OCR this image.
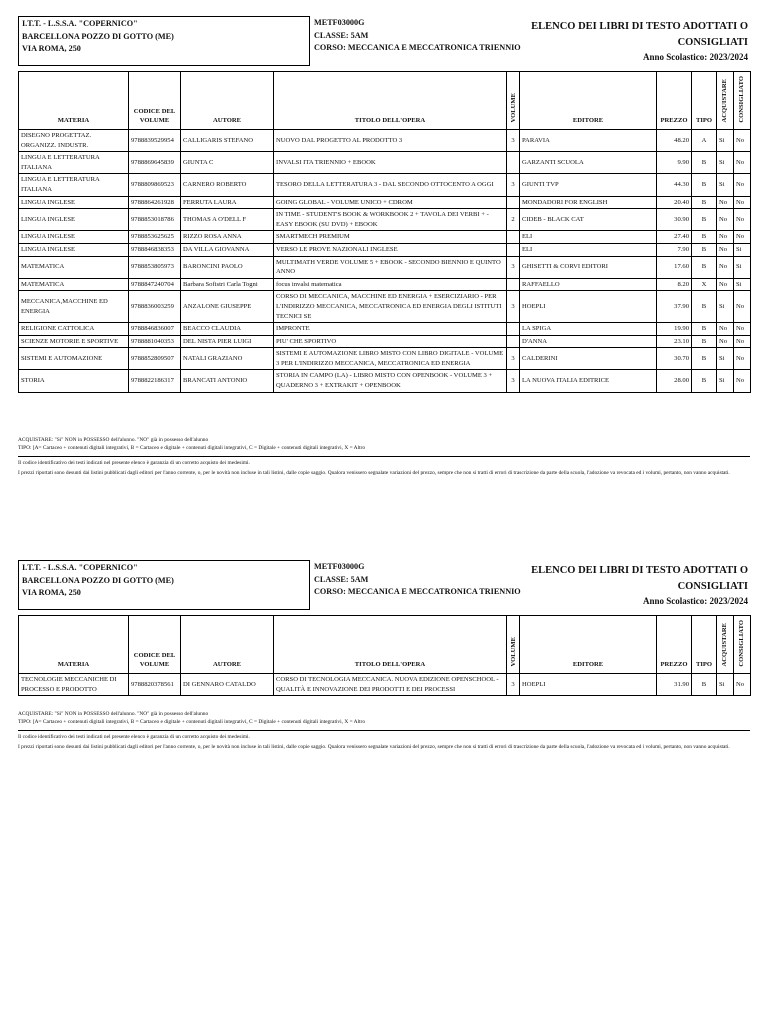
I.T.T. - L.S.S.A. "COPERNICO"
BARCELLONA POZZO DI GOTTO (ME)
VIA ROMA, 250
METF03000G
CLASSE: 5AM
CORSO: MECCANICA E MECCATRONICA TRIENNIO
ELENCO DEI LIBRI DI TESTO ADOTTATI O CONSIGLIATI
Anno Scolastico: 2023/2024
MATERIA	CODICE DEL VOLUME	AUTORE	TITOLO DELL'OPERA	VOLUME	EDITORE	PREZZO	TIPO	ACQUISTARE	CONSIGLIATO
DISEGNO PROGETTAZ. ORGANIZZ. INDUSTR.	9788839529954	CALLIGARIS STEFANO	NUOVO DAL PROGETTO AL PRODOTTO 3	3	PARAVIA	48.20	A	Si	No
LINGUA E LETTERATURA ITALIANA	9788869645839	GIUNTA C	INVALSI ITA TRIENNIO + EBOOK		GARZANTI SCUOLA	9.90	B	Si	No
LINGUA E LETTERATURA ITALIANA	9788809869523	CARNERO ROBERTO	TESORO DELLA LETTERATURA 3 - DAL SECONDO OTTOCENTO A OGGI	3	GIUNTI TVP	44.30	B	Si	No
LINGUA INGLESE	9788864261928	FERRUTA LAURA	GOING GLOBAL - VOLUME UNICO + CDROM		MONDADORI FOR ENGLISH	20.40	B	No	No
LINGUA INGLESE	9788853018786	THOMAS A O'DELL F	IN TIME - STUDENT'S BOOK & WORKBOOK 2 + TAVOLA DEI VERBI + - EASY EBOOK (SU DVD) + EBOOK	2	CIDEB - BLACK CAT	30.90	B	No	No
LINGUA INGLESE	9788853625625	RIZZO ROSA ANNA	SMARTMECH PREMIUM		ELI	27.40	B	No	No
LINGUA INGLESE	9788846838353	DA VILLA GIOVANNA	VERSO LE PROVE NAZIONALI INGLESE		ELI	7.90	B	No	Si
MATEMATICA	9788853805973	BARONCINI PAOLO	MULTIMATH VERDE VOLUME 5 + EBOOK - SECONDO BIENNIO E QUINTO ANNO	3	GHISETTI & CORVI EDITORI	17.60	B	No	Si
MATEMATICA	9788847240704	Barbara Sofistri Carla Togni	focus invalsi matematica		RAFFAELLO	8.20	X	No	Si
MECCANICA,MACCHINE ED ENERGIA	9788836003259	ANZALONE GIUSEPPE	CORSO DI MECCANICA, MACCHINE ED ENERGIA + ESERCIZIARIO - PER L'INDIRIZZO MECCANICA, MECCATRONICA ED ENERGIA DEGLI ISTITUTI TECNICI SE	3	HOEPLI	37.90	B	Si	No
RELIGIONE CATTOLICA	9788846836007	BEACCO CLAUDIA	IMPRONTE		LA SPIGA	19.90	B	No	No
SCIENZE MOTORIE E SPORTIVE	9788881040353	DEL NISTA PIER LUIGI	PIU' CHE SPORTIVO		D'ANNA	23.10	B	No	No
SISTEMI E AUTOMAZIONE	9788852809507	NATALI GRAZIANO	SISTEMI E AUTOMAZIONE LIBRO MISTO CON LIBRO DIGITALE - VOLUME 3 PER L'INDIRIZZO MECCANICA, MECCATRONICA ED ENERGIA	3	CALDERINI	30.70	B	Si	No
STORIA	9788822186317	BRANCATI ANTONIO	STORIA IN CAMPO (LA) - LIBRO MISTO CON OPENBOOK - VOLUME 3 + QUADERNO 3 + EXTRAKIT + OPENBOOK	3	LA NUOVA ITALIA EDITRICE	28.00	B	Si	No
ACQUISTARE: "Si" NON in POSSESSO dell'alunno. "NO" già in possesso dell'alunno
TIPO: [A= Cartaceo + contenuti digitali integrativi, B = Cartaceo e digitale + contenuti digitali integrativi, C = Digitale + contenuti digitali integrativi, X = Altro
Il codice identificativo dei testi indicati nel presente elenco è garanzia di un corretto acquisto dei medesimi.
I prezzi riportati sono desunti dai listini pubblicati dagli editori per l'anno corrente, o, per le novità non incluse in tali listini, dalle copie saggio. Qualora venissero segnalate variazioni del prezzo, sempre che non si tratti di errori di trascrizione da parte della scuola, l'adozione va revocata ed i volumi, pertanto, non vanno acquistati.
I.T.T. - L.S.S.A. "COPERNICO"
BARCELLONA POZZO DI GOTTO (ME)
VIA ROMA, 250
METF03000G
CLASSE: 5AM
CORSO: MECCANICA E MECCATRONICA TRIENNIO
ELENCO DEI LIBRI DI TESTO ADOTTATI O CONSIGLIATI
Anno Scolastico: 2023/2024
MATERIA	CODICE DEL VOLUME	AUTORE	TITOLO DELL'OPERA	VOLUME	EDITORE	PREZZO	TIPO	ACQUISTARE	CONSIGLIATO
TECNOLOGIE MECCANICHE DI PROCESSO E PRODOTTO	9788820378561	DI GENNARO CATALDO	CORSO DI TECNOLOGIA MECCANICA. NUOVA EDIZIONE OPENSCHOOL - QUALITÀ E INNOVAZIONE DEI PRODOTTI E DEI PROCESSI	3	HOEPLI	31.90	B	Si	No
ACQUISTARE: "Si" NON in POSSESSO dell'alunno. "NO" già in possesso dell'alunno
TIPO: [A= Cartaceo + contenuti digitali integrativi, B = Cartaceo e digitale + contenuti digitali integrativi, C = Digitale + contenuti digitali integrativi, X = Altro
Il codice identificativo dei testi indicati nel presente elenco è garanzia di un corretto acquisto dei medesimi.
I prezzi riportati sono desunti dai listini pubblicati dagli editori per l'anno corrente, o, per le novità non incluse in tali listini, dalle copie saggio. Qualora venissero segnalate variazioni del prezzo, sempre che non si tratti di errori di trascrizione da parte della scuola, l'adozione va revocata ed i volumi, pertanto, non vanno acquistati.
